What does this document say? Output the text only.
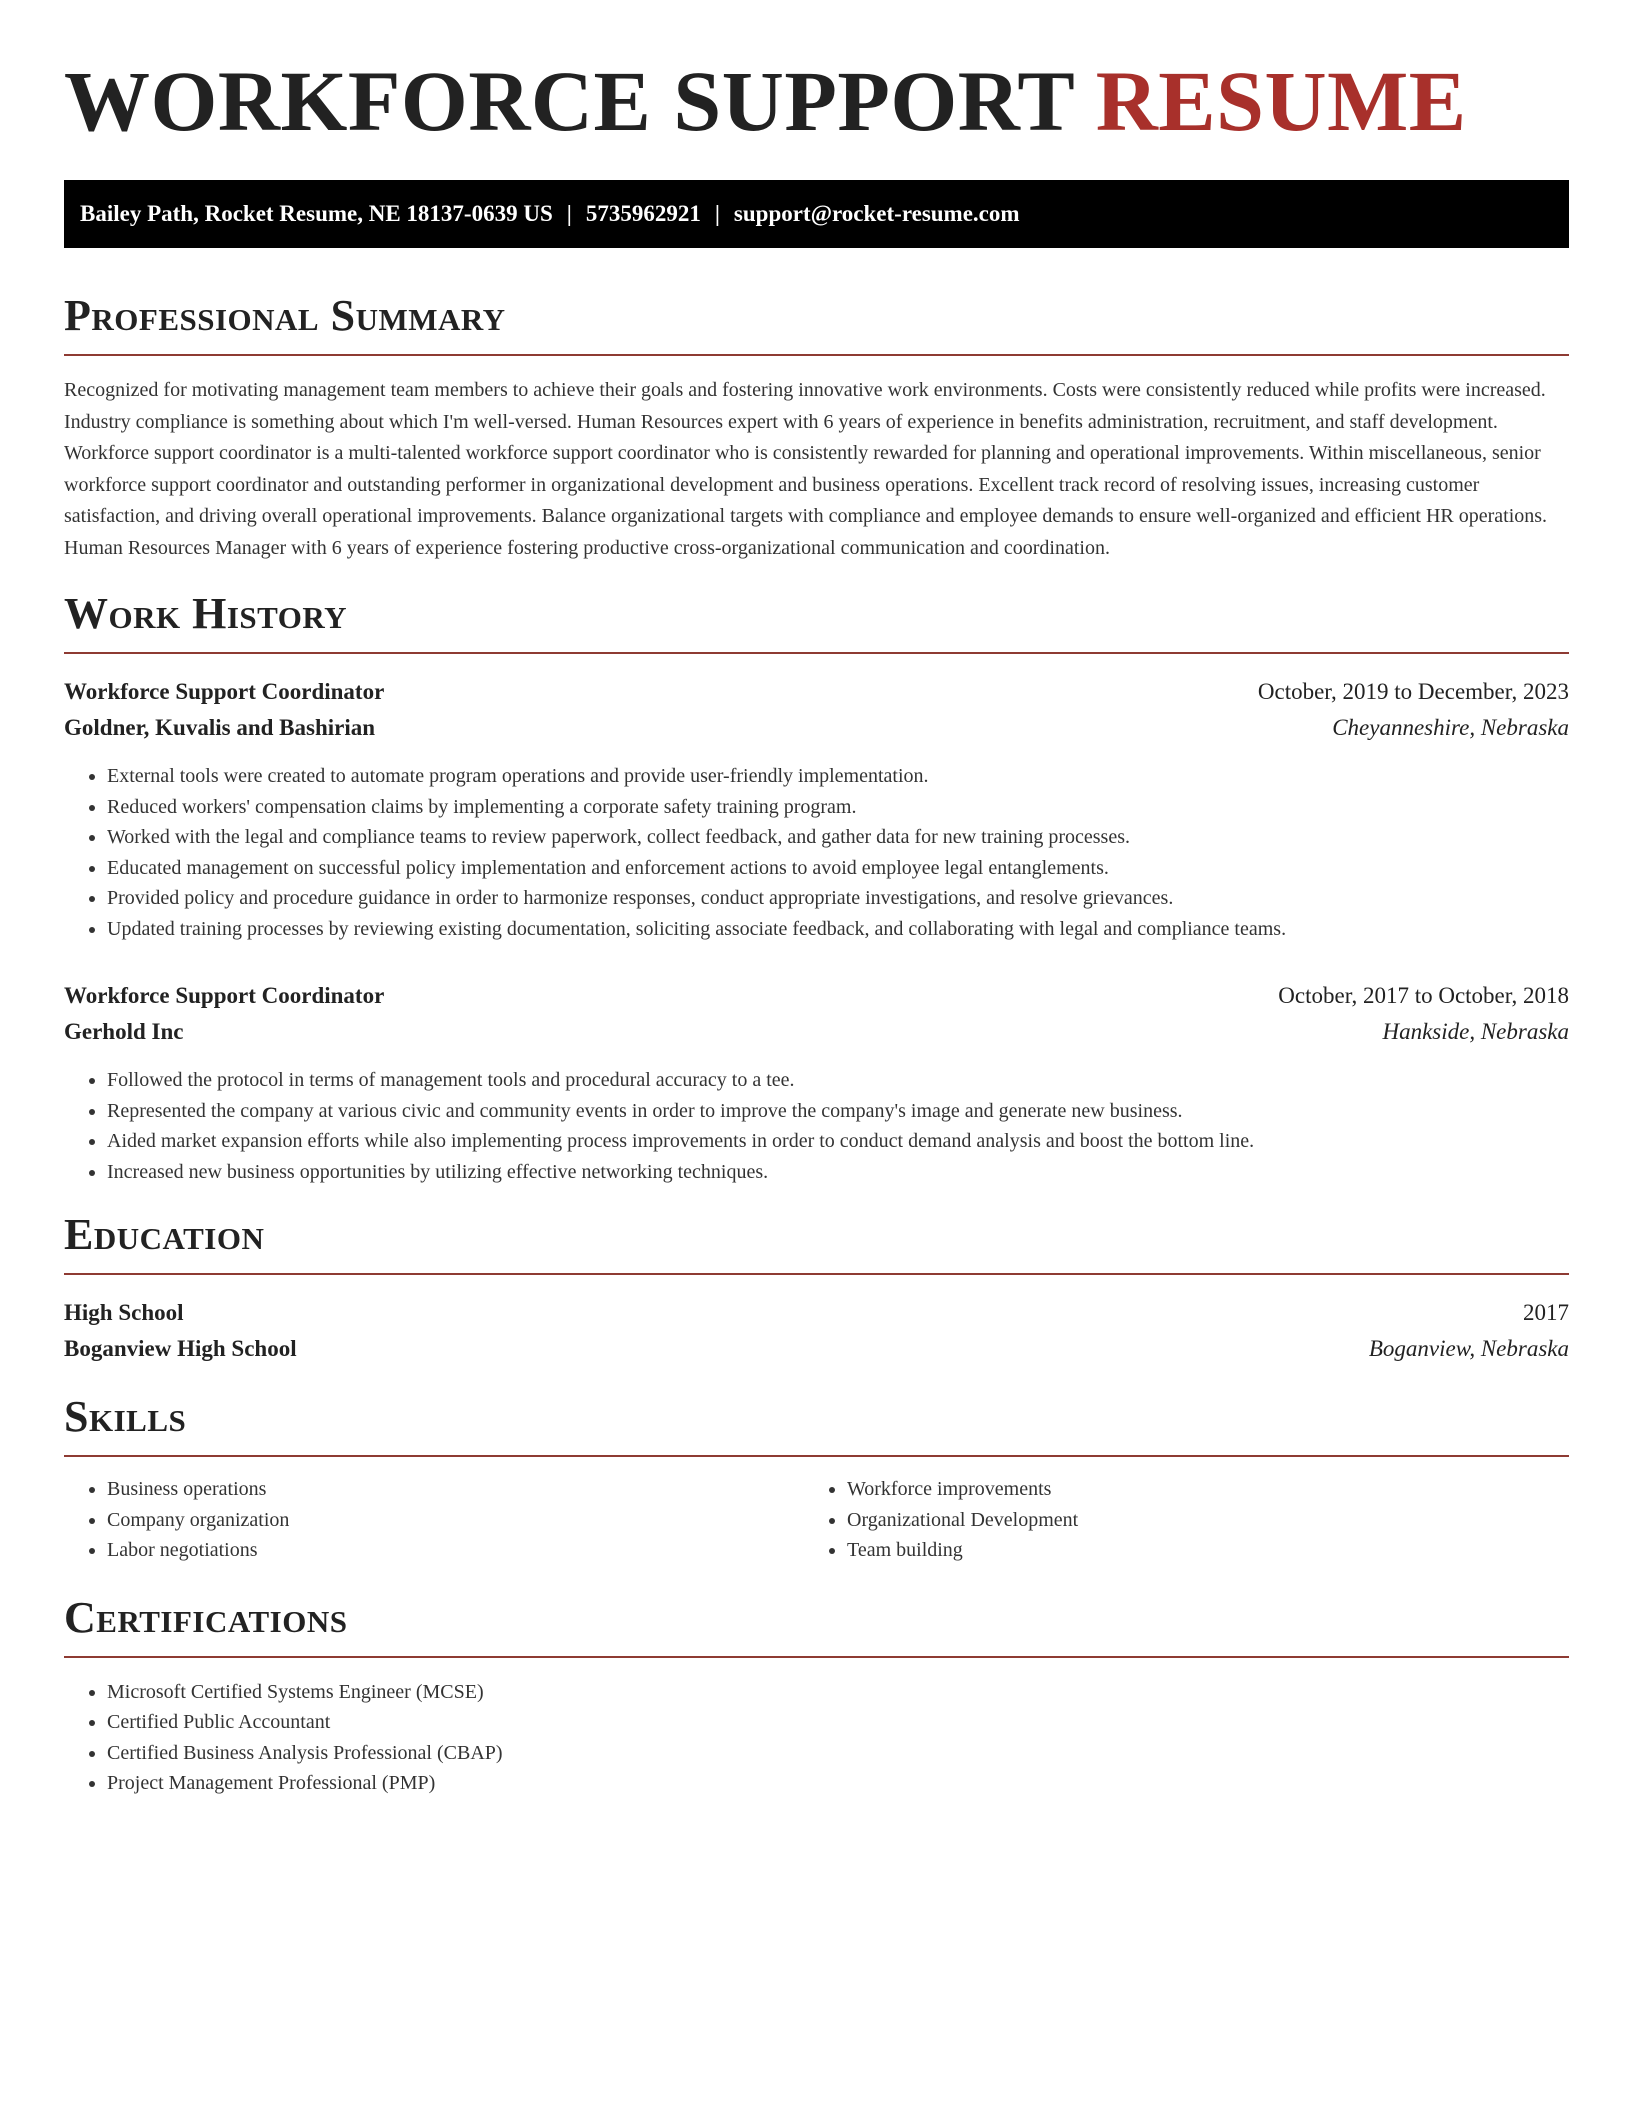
WORKFORCE SUPPORT RESUME
Bailey Path, Rocket Resume, NE 18137-0639 US | 5735962921 | support@rocket-resume.com
Professional Summary

Recognized for motivating management team members to achieve their goals and fostering innovative work environments. Costs were consistently reduced while profits were increased. Industry compliance is something about which I'm well-versed. Human Resources expert with 6 years of experience in benefits administration, recruitment, and staff development. Workforce support coordinator is a multi-talented workforce support coordinator who is consistently rewarded for planning and operational improvements. Within miscellaneous, senior workforce support coordinator and outstanding performer in organizational development and business operations. Excellent track record of resolving issues, increasing customer satisfaction, and driving overall operational improvements. Balance organizational targets with compliance and employee demands to ensure well-organized and efficient HR operations. Human Resources Manager with 6 years of experience fostering productive cross-organizational communication and coordination.

Work History
Workforce Support Coordinator	October, 2019 to December, 2023
Goldner, Kuvalis and Bashirian	Cheyanneshire, Nebraska
• External tools were created to automate program operations and provide user-friendly implementation.
• Reduced workers' compensation claims by implementing a corporate safety training program.
• Worked with the legal and compliance teams to review paperwork, collect feedback, and gather data for new training processes.
• Educated management on successful policy implementation and enforcement actions to avoid employee legal entanglements.
• Provided policy and procedure guidance in order to harmonize responses, conduct appropriate investigations, and resolve grievances.
• Updated training processes by reviewing existing documentation, soliciting associate feedback, and collaborating with legal and compliance teams.
Workforce Support Coordinator	October, 2017 to October, 2018
Gerhold Inc	Hankside, Nebraska
• Followed the protocol in terms of management tools and procedural accuracy to a tee.
• Represented the company at various civic and community events in order to improve the company's image and generate new business.
• Aided market expansion efforts while also implementing process improvements in order to conduct demand analysis and boost the bottom line.
• Increased new business opportunities by utilizing effective networking techniques.
Education
High School	2017
Boganview High School	Boganview, Nebraska
Skills
• Business operations
• Company organization
• Labor negotiations
• Workforce improvements
• Organizational Development
• Team building
Certifications
• Microsoft Certified Systems Engineer (MCSE)
• Certified Public Accountant
• Certified Business Analysis Professional (CBAP)
• Project Management Professional (PMP)
